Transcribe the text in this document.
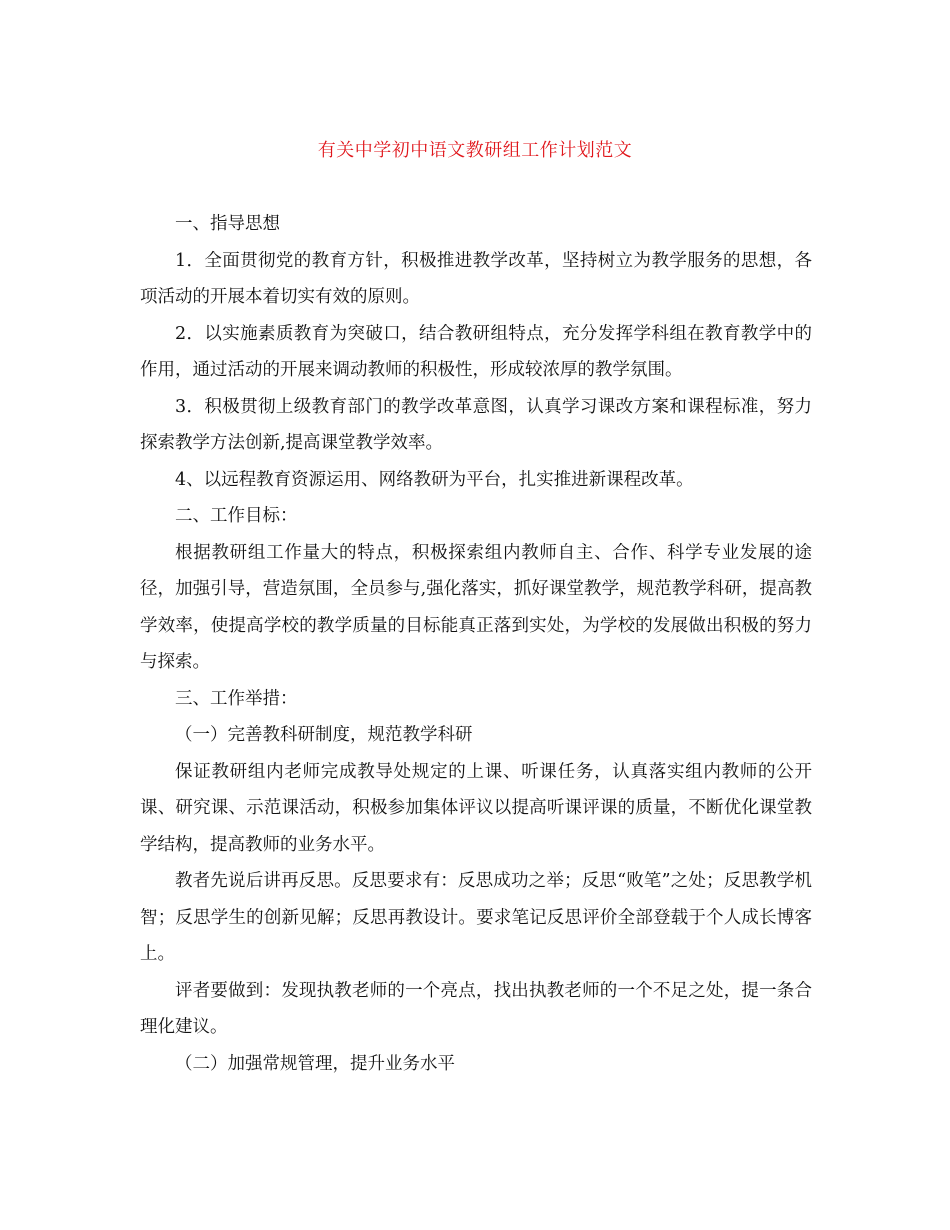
有关中学初中语文教研组工作计划范文

一、指导思想

1．全面贯彻党的教育方针，积极推进教学改革，坚持树立为教学服务的思想，各项活动的开展本着切实有效的原则。

2．以实施素质教育为突破口，结合教研组特点，充分发挥学科组在教育教学中的作用，通过活动的开展来调动教师的积极性，形成较浓厚的教学氛围。

3．积极贯彻上级教育部门的教学改革意图，认真学习课改方案和课程标准，努力探索教学方法创新,提高课堂教学效率。

4、以远程教育资源运用、网络教研为平台，扎实推进新课程改革。

二、工作目标：

根据教研组工作量大的特点，积极探索组内教师自主、合作、科学专业发展的途径，加强引导，营造氛围，全员参与,强化落实，抓好课堂教学，规范教学科研，提高教学效率，使提高学校的教学质量的目标能真正落到实处，为学校的发展做出积极的努力与探索。

三、工作举措：

（一）完善教科研制度，规范教学科研

保证教研组内老师完成教导处规定的上课、听课任务，认真落实组内教师的公开课、研究课、示范课活动，积极参加集体评议以提高听课评课的质量，不断优化课堂教学结构，提高教师的业务水平。

教者先说后讲再反思。反思要求有：反思成功之举；反思“败笔”之处；反思教学机智；反思学生的创新见解；反思再教设计。要求笔记反思评价全部登载于个人成长博客上。

评者要做到：发现执教老师的一个亮点，找出执教老师的一个不足之处，提一条合理化建议。

（二）加强常规管理，提升业务水平
